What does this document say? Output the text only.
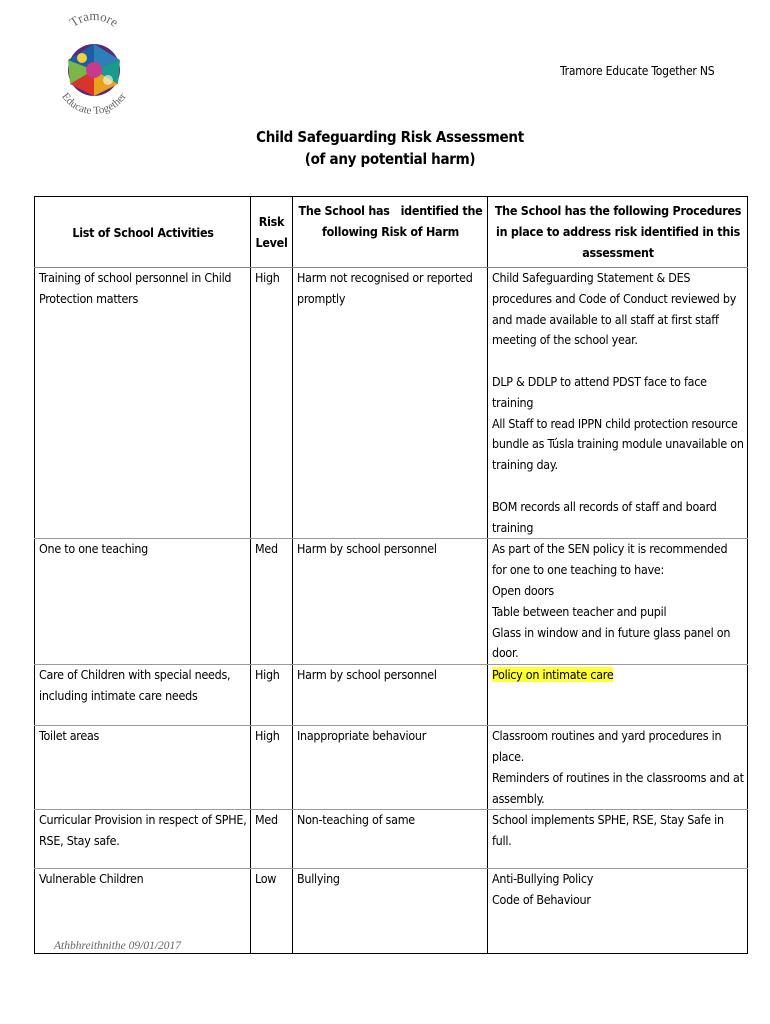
Tramore
Educate Together
Tramore Educate Together NS
Child Safeguarding Risk Assessment
(of any potential harm)
List of School Activities	Risk Level	The School has   identified the following Risk of Harm	The School has the following Procedures in place to address risk identified in this assessment
Training of school personnel in Child Protection matters	High	Harm not recognised or reported promptly	Child Safeguarding Statement & DES procedures and Code of Conduct reviewed by and made available to all staff at first staff meeting of the school year.
DLP & DDLP to attend PDST face to face training
All Staff to read IPPN child protection resource bundle as Túsla training module unavailable on training day.
BOM records all records of staff and board training

One to one teaching	Med	Harm by school personnel	As part of the SEN policy it is recommended for one to one teaching to have:
Open doors
Table between teacher and pupil
Glass in window and in future glass panel on door.

Care of Children with special needs, including intimate care needs	High	Harm by school personnel	Policy on intimate care
Toilet areas	High	Inappropriate behaviour	Classroom routines and yard procedures in place.
Reminders of routines in the classrooms and at assembly.

Curricular Provision in respect of SPHE, RSE, Stay safe.	Med	Non-teaching of same	School implements SPHE, RSE, Stay Safe in full.

Vulnerable Children	Low	Bullying	Anti-Bullying Policy
Code of Behaviour
Athbhreithnithe 09/01/2017
